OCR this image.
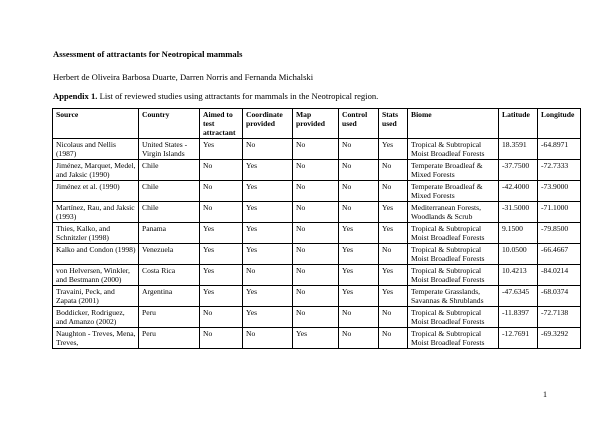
Assessment of attractants for Neotropical mammals
Herbert de Oliveira Barbosa Duarte, Darren Norris and Fernanda Michalski
Appendix 1. List of reviewed studies using attractants for mammals in the Neotropical region.
Source	Country	Aimed to test attractant	Coordinate provided	Map provided	Control used	Stats used	Biome	Latitude	Longitude
Nicolaus and Nellis (1987)	United States - Virgin Islands	Yes	No	No	No	Yes	Tropical & Subtropical Moist Broadleaf Forests	18.3591	-64.8971
Jiménez, Marquet, Medel, and Jaksic (1990)	Chile	No	Yes	No	No	No	Temperate Broadleaf & Mixed Forests	-37.7500	-72.7333
Jiménez et al. (1990)	Chile	No	Yes	No	No	No	Temperate Broadleaf & Mixed Forests	-42.4000	-73.9000
Martínez, Rau, and Jaksic (1993)	Chile	No	Yes	No	No	Yes	Mediterranean Forests, Woodlands & Scrub	-31.5000	-71.1000
Thies, Kalko, and Schnitzler (1998)	Panama	Yes	Yes	No	Yes	Yes	Tropical & Subtropical Moist Broadleaf Forests	9.1500	-79.8500
Kalko and Condon (1998)	Venezuela	Yes	Yes	No	Yes	No	Tropical & Subtropical Moist Broadleaf Forests	10.0500	-66.4667
von Helversen, Winkler, and Bestmann (2000)	Costa Rica	Yes	No	No	Yes	Yes	Tropical & Subtropical Moist Broadleaf Forests	10.4213	-84.0214
Travaini, Peck, and Zapata (2001)	Argentina	Yes	Yes	No	Yes	Yes	Temperate Grasslands, Savannas & Shrublands	-47.6345	-68.0374
Boddicker, Rodriguez, and Amanzo (2002)	Peru	No	Yes	No	No	No	Tropical & Subtropical Moist Broadleaf Forests	-11.8397	-72.7138
Naughton - Treves, Mena, Treves,	Peru	No	No	Yes	No	No	Tropical & Subtropical Moist Broadleaf Forests	-12.7691	-69.3292
1
